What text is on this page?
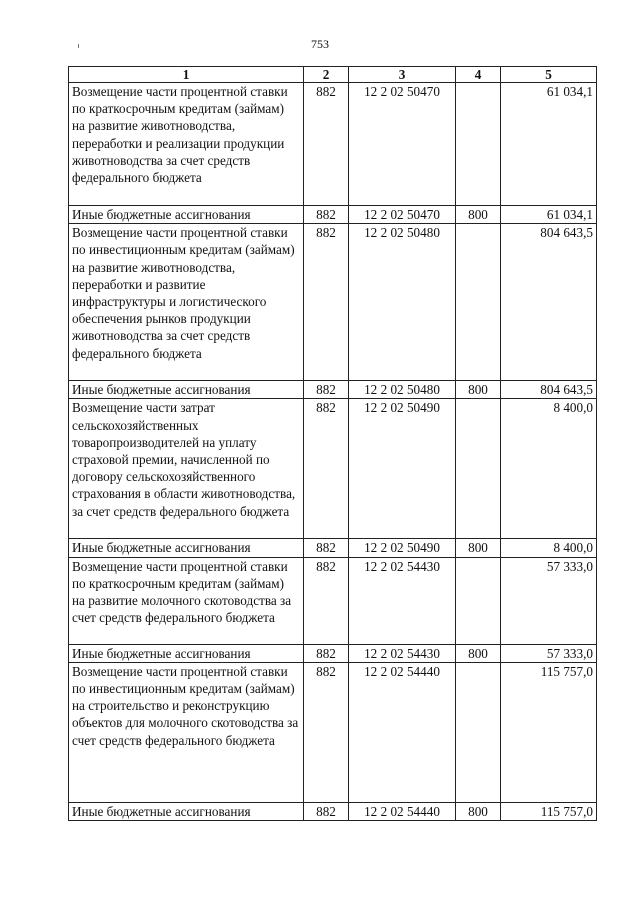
753
1	2	3	4	5
Возмещение части процентной ставки по краткосрочным кредитам (займам) на развитие животноводства, переработки и реализации продукции животноводства за счет средств федерального бюджета	882	12 2 02 50470		61 034,1
Иные бюджетные ассигнования	882	12 2 02 50470	800	61 034,1
Возмещение части процентной ставки по инвестиционным кредитам (займам) на развитие животноводства, переработки и развитие инфраструктуры и логистического обеспечения рынков продукции животноводства за счет средств федерального бюджета	882	12 2 02 50480		804 643,5
Иные бюджетные ассигнования	882	12 2 02 50480	800	804 643,5
Возмещение части затрат сельскохозяйственных товаропроизводителей на уплату страховой премии, начисленной по договору сельскохозяйственного страхования в области животноводства, за счет средств федерального бюджета	882	12 2 02 50490		8 400,0
Иные бюджетные ассигнования	882	12 2 02 50490	800	8 400,0
Возмещение части процентной ставки по краткосрочным кредитам (займам) на развитие молочного скотоводства за счет средств федерального бюджета	882	12 2 02 54430		57 333,0
Иные бюджетные ассигнования	882	12 2 02 54430	800	57 333,0
Возмещение части процентной ставки по инвестиционным кредитам (займам) на строительство и реконструкцию объектов для молочного скотоводства за счет средств федерального бюджета	882	12 2 02 54440		115 757,0
Иные бюджетные ассигнования	882	12 2 02 54440	800	115 757,0
